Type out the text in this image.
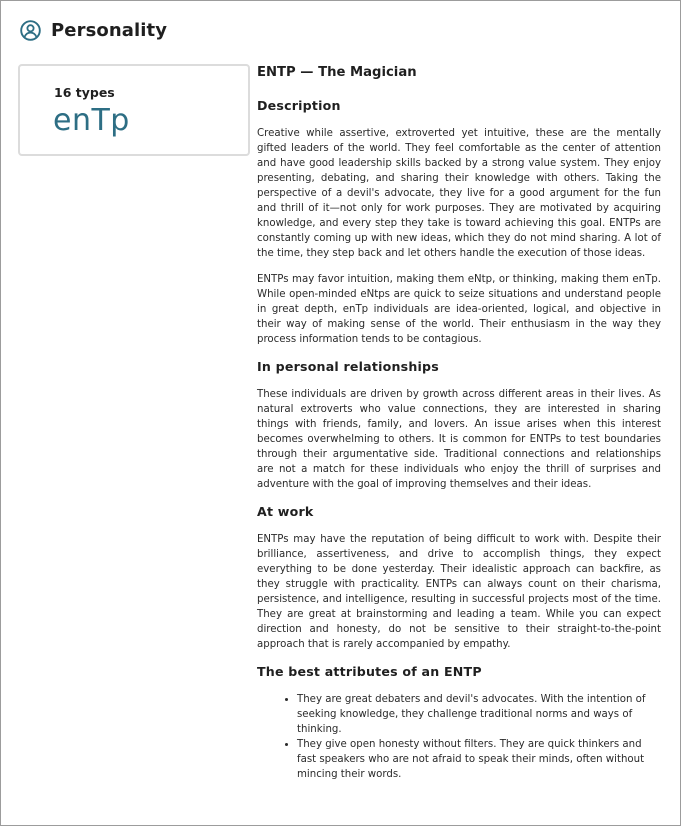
Personality
16 types
enTp
ENTP — The Magician
Description

Creative while assertive, extroverted yet intuitive, these are the mentally gifted leaders of the world. They feel comfortable as the center of attention and have good leadership skills backed by a strong value system. They enjoy presenting, debating, and sharing their knowledge with others. Taking the perspective of a devil's advocate, they live for a good argument for the fun and thrill of it—not only for work purposes. They are motivated by acquiring knowledge, and every step they take is toward achieving this goal. ENTPs are constantly coming up with new ideas, which they do not mind sharing. A lot of the time, they step back and let others handle the execution of those ideas.

ENTPs may favor intuition, making them eNtp, or thinking, making them enTp. While open-minded eNtps are quick to seize situations and understand people in great depth, enTp individuals are idea-oriented, logical, and objective in their way of making sense of the world. Their enthusiasm in the way they process information tends to be contagious.

In personal relationships

These individuals are driven by growth across different areas in their lives. As natural extroverts who value connections, they are interested in sharing things with friends, family, and lovers. An issue arises when this interest becomes overwhelming to others. It is common for ENTPs to test boundaries through their argumentative side. Traditional connections and relationships are not a match for these individuals who enjoy the thrill of surprises and adventure with the goal of improving themselves and their ideas.

At work

ENTPs may have the reputation of being difficult to work with. Despite their brilliance, assertiveness, and drive to accomplish things, they expect everything to be done yesterday. Their idealistic approach can backfire, as they struggle with practicality. ENTPs can always count on their charisma, persistence, and intelligence, resulting in successful projects most of the time. They are great at brainstorming and leading a team. While you can expect direction and honesty, do not be sensitive to their straight-to-the-point approach that is rarely accompanied by empathy.

The best attributes of an ENTP
• They are great debaters and devil's advocates. With the intention of seeking knowledge, they challenge traditional norms and ways of thinking.
• They give open honesty without filters. They are quick thinkers and fast speakers who are not afraid to speak their minds, often without mincing their words.
